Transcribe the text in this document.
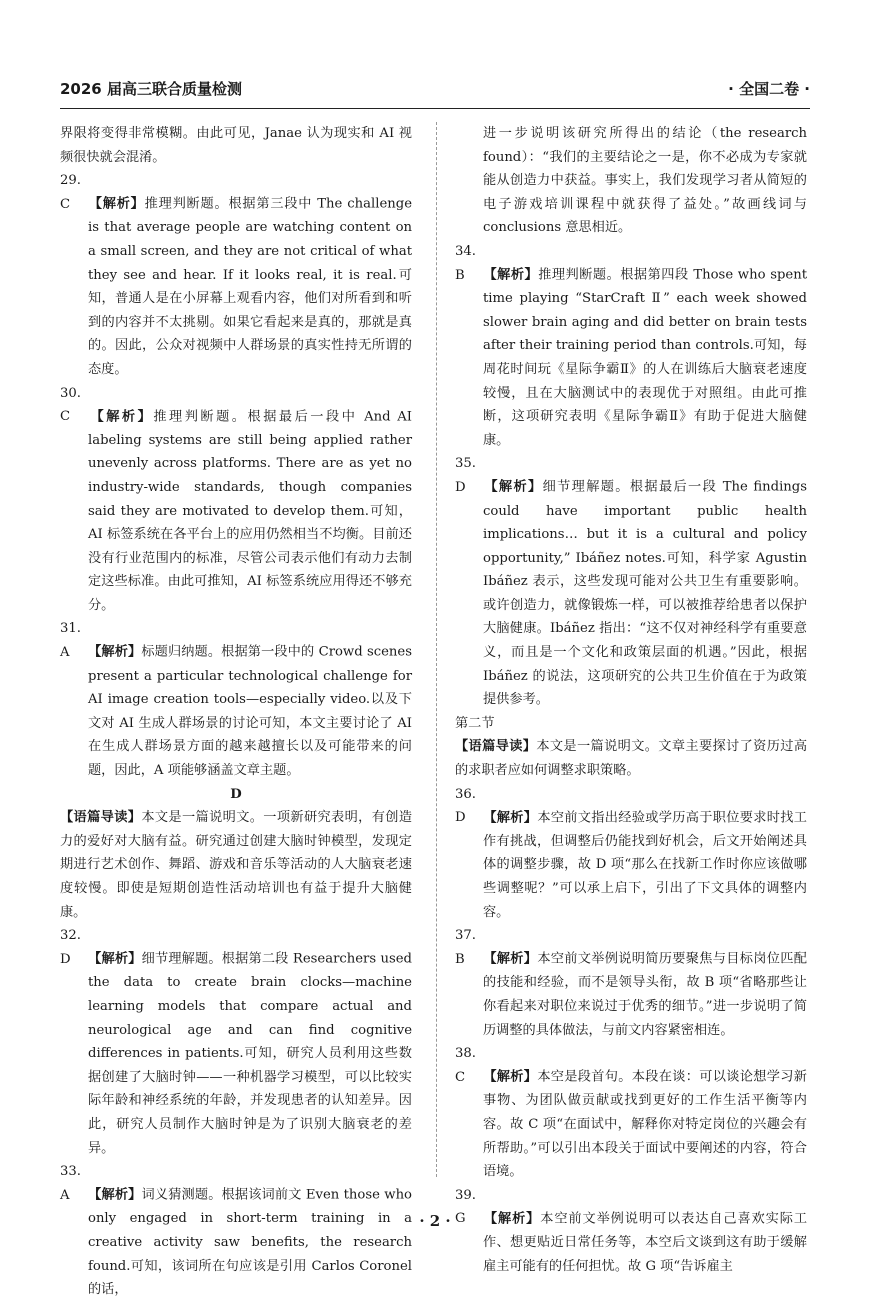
2026 届高三联合质量检测	· 全国二卷 ·

界限将变得非常模糊。由此可见，Janae 认为现实和 AI 视频很快就会混淆。

29. C 【解析】推理判断题。根据第三段中 The challenge is that average people are watching content on a small screen, and they are not critical of what they see and hear. If it looks real, it is real.可知，普通人是在小屏幕上观看内容，他们对所看到和听到的内容并不太挑剔。如果它看起来是真的，那就是真的。因此，公众对视频中人群场景的真实性持无所谓的态度。

30. C 【解析】推理判断题。根据最后一段中 And AI labeling systems are still being applied rather unevenly across platforms. There are as yet no industry-wide standards, though companies said they are motivated to develop them.可知，AI 标签系统在各平台上的应用仍然相当不均衡。目前还没有行业范围内的标准，尽管公司表示他们有动力去制定这些标准。由此可推知，AI 标签系统应用得还不够充分。

31. A 【解析】标题归纳题。根据第一段中的 Crowd scenes present a particular technological challenge for AI image creation tools—especially video.以及下文对 AI 生成人群场景的讨论可知，本文主要讨论了 AI 在生成人群场景方面的越来越擅长以及可能带来的问题，因此，A 项能够涵盖文章主题。

D

【语篇导读】本文是一篇说明文。一项新研究表明，有创造力的爱好对大脑有益。研究通过创建大脑时钟模型，发现定期进行艺术创作、舞蹈、游戏和音乐等活动的人大脑衰老速度较慢。即使是短期创造性活动培训也有益于提升大脑健康。

32. D 【解析】细节理解题。根据第二段 Researchers used the data to create brain clocks—machine learning models that compare actual and neurological age and can find cognitive differences in patients.可知，研究人员利用这些数据创建了大脑时钟——一种机器学习模型，可以比较实际年龄和神经系统的年龄，并发现患者的认知差异。因此，研究人员制作大脑时钟是为了识别大脑衰老的差异。

33. A 【解析】词义猜测题。根据该词前文 Even those who only engaged in short-term training in a creative activity saw benefits, the research found.可知，该词所在句应该是引用 Carlos Coronel 的话，

进一步说明该研究所得出的结论（the research found）：“我们的主要结论之一是，你不必成为专家就能从创造力中获益。事实上，我们发现学习者从简短的电子游戏培训课程中就获得了益处。”故画线词与 conclusions 意思相近。

34. B 【解析】推理判断题。根据第四段 Those who spent time playing “StarCraft Ⅱ” each week showed slower brain aging and did better on brain tests after their training period than controls.可知，每周花时间玩《星际争霸Ⅱ》的人在训练后大脑衰老速度较慢，且在大脑测试中的表现优于对照组。由此可推断，这项研究表明《星际争霸Ⅱ》有助于促进大脑健康。

35. D 【解析】细节理解题。根据最后一段 The findings could have important public health implications… but it is a cultural and policy opportunity,” Ibáñez notes.可知，科学家 Agustin Ibáñez 表示，这些发现可能对公共卫生有重要影响。或许创造力，就像锻炼一样，可以被推荐给患者以保护大脑健康。Ibáñez 指出：“这不仅对神经科学有重要意义，而且是一个文化和政策层面的机遇。”因此，根据 Ibáñez 的说法，这项研究的公共卫生价值在于为政策提供参考。

第二节

【语篇导读】本文是一篇说明文。文章主要探讨了资历过高的求职者应如何调整求职策略。

36. D 【解析】本空前文指出经验或学历高于职位要求时找工作有挑战，但调整后仍能找到好机会，后文开始阐述具体的调整步骤，故 D 项“那么在找新工作时你应该做哪些调整呢？”可以承上启下，引出了下文具体的调整内容。

37. B 【解析】本空前文举例说明简历要聚焦与目标岗位匹配的技能和经验，而不是领导头衔，故 B 项“省略那些让你看起来对职位来说过于优秀的细节。”进一步说明了简历调整的具体做法，与前文内容紧密相连。

38. C 【解析】本空是段首句。本段在谈：可以谈论想学习新事物、为团队做贡献或找到更好的工作生活平衡等内容。故 C 项“在面试中，解释你对特定岗位的兴趣会有所帮助。”可以引出本段关于面试中要阐述的内容，符合语境。

39. G 【解析】本空前文举例说明可以表达自己喜欢实际工作、想更贴近日常任务等，本空后文谈到这有助于缓解雇主可能有的任何担忧。故 G 项“告诉雇主

· 2 ·
